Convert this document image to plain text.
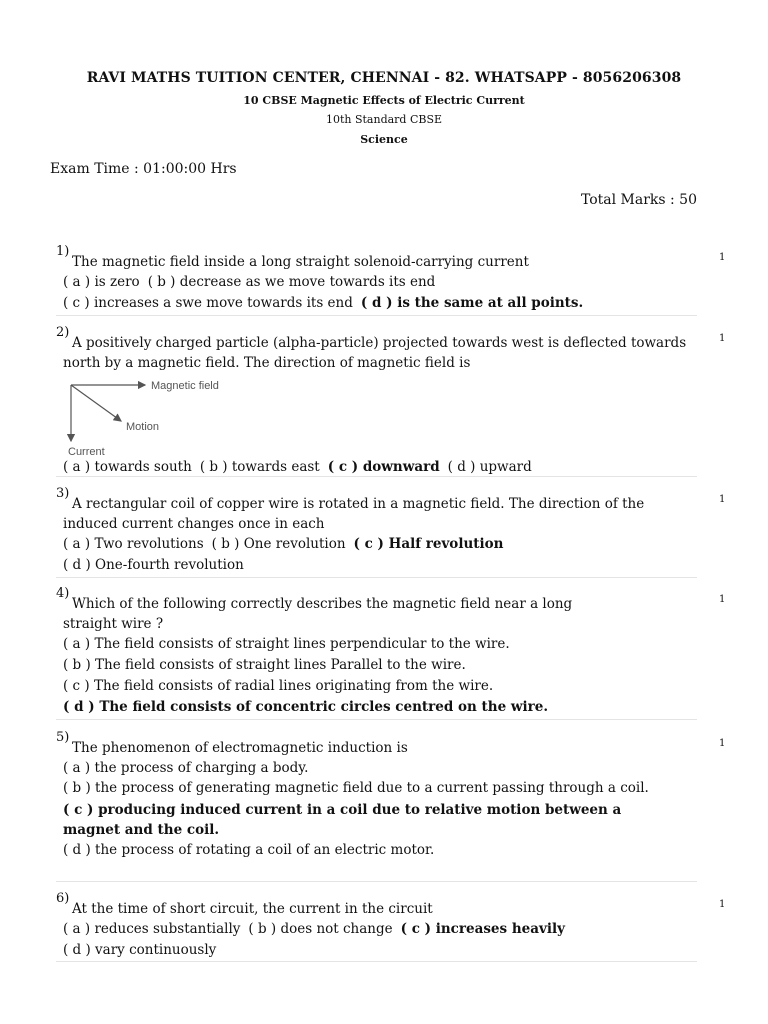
RAVI MATHS TUITION CENTER, CHENNAI - 82. WHATSAPP - 8056206308
10 CBSE Magnetic Effects of Electric Current
10th Standard CBSE
Science
Exam Time : 01:00:00 Hrs
Total Marks : 50
1)	1
The magnetic field inside a long straight solenoid-carrying current
( a ) is zero ( b ) decrease as we move towards its end
( c ) increases a swe move towards its end ( d ) is the same at all points.
2)	1
A positively charged particle (alpha-particle) projected towards west is deflected towards north by a magnetic field. The direction of magnetic field is
Magnetic field
Motion
Current
( a ) towards south ( b ) towards east ( c ) downward ( d ) upward
3)	1
A rectangular coil of copper wire is rotated in a magnetic field. The direction of the induced current changes once in each
( a ) Two revolutions ( b ) One revolution ( c ) Half revolution
( d ) One-fourth revolution
4)	1
Which of the following correctly describes the magnetic field near a long straight wire ?
( a ) The field consists of straight lines perpendicular to the wire.
( b ) The field consists of straight lines Parallel to the wire.
( c ) The field consists of radial lines originating from the wire.
( d ) The field consists of concentric circles centred on the wire.
5)	1
The phenomenon of electromagnetic induction is
( a ) the process of charging a body.
( b ) the process of generating magnetic field due to a current passing through a coil.
( c ) producing induced current in a coil due to relative motion between a magnet and the coil.
( d ) the process of rotating a coil of an electric motor.
6)	1
At the time of short circuit, the current in the circuit
( a ) reduces substantially ( b ) does not change ( c ) increases heavily
( d ) vary continuously
